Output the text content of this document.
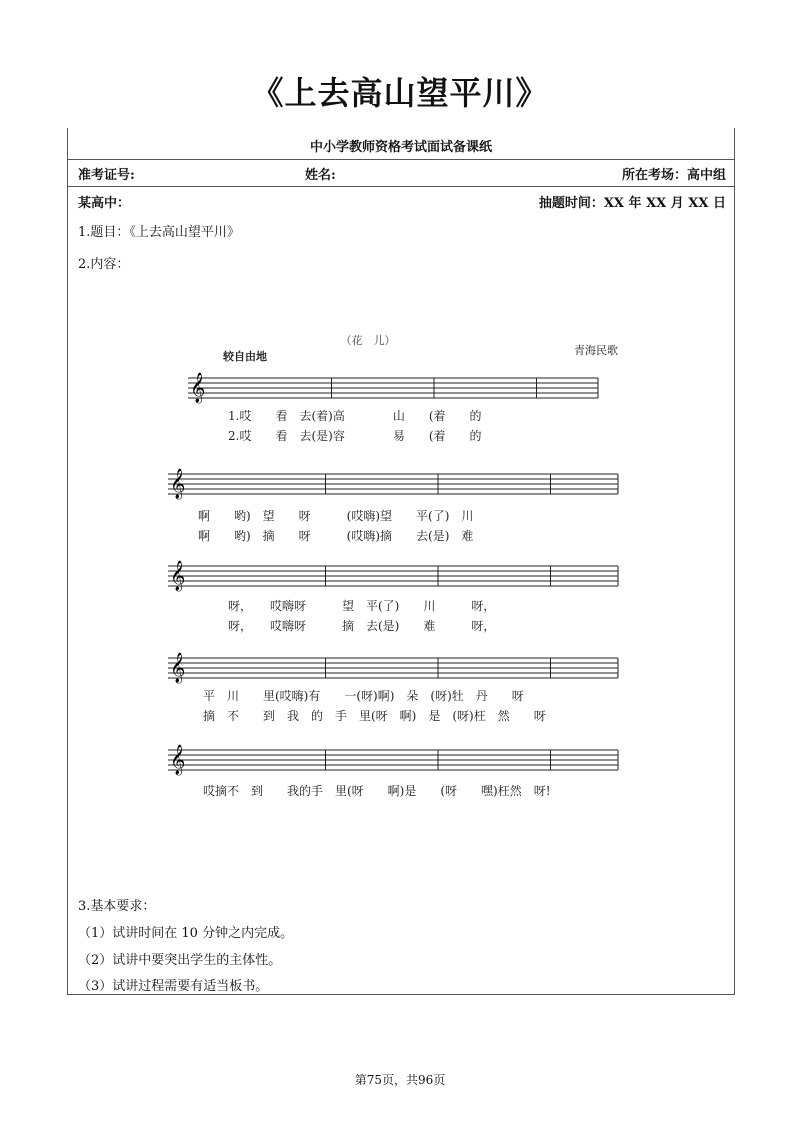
《上去高山望平川》
中小学教师资格考试面试备课纸
准考证号:	姓名:	所在考场：高中组
某高中：	抽题时间：XX 年 XX 月 XX 日
1.题目：《上去高山望平川》
2.内容：
3.基本要求：
（1）试讲时间在 10 分钟之内完成。
（2）试讲中要突出学生的主体性。
（3）试讲过程需要有适当板书。
（花　儿）
较自由地	青海民歌
𝄞
𝄞
𝄞
1.哎　　看　去(着)高　　　　山　　(着　　的
2.哎　　看　去(是)容　　　　易　　(着　　的
啊　　哟)　望　　呀　　　(哎嗨)望　　平(了)　川
啊　　哟)　摘　　呀　　　(哎嗨)摘　　去(是)　难
呀，　　哎嗨呀　　　望　平(了)　　川　　　呀，
呀，　　哎嗨呀　　　摘　去(是)　　难　　　呀，
𝄞
𝄞
平　川　　里(哎嗨)有　　一(呀)啊)　朵　(呀)牡　丹　　呀
摘　不　　到　我　的　手　里(呀　啊)　是　(呀)枉　然　　呀
哎摘不　到　　我的手　里(呀　　啊)是　　(呀　　嘿)枉然　呀!
第75页，共96页
